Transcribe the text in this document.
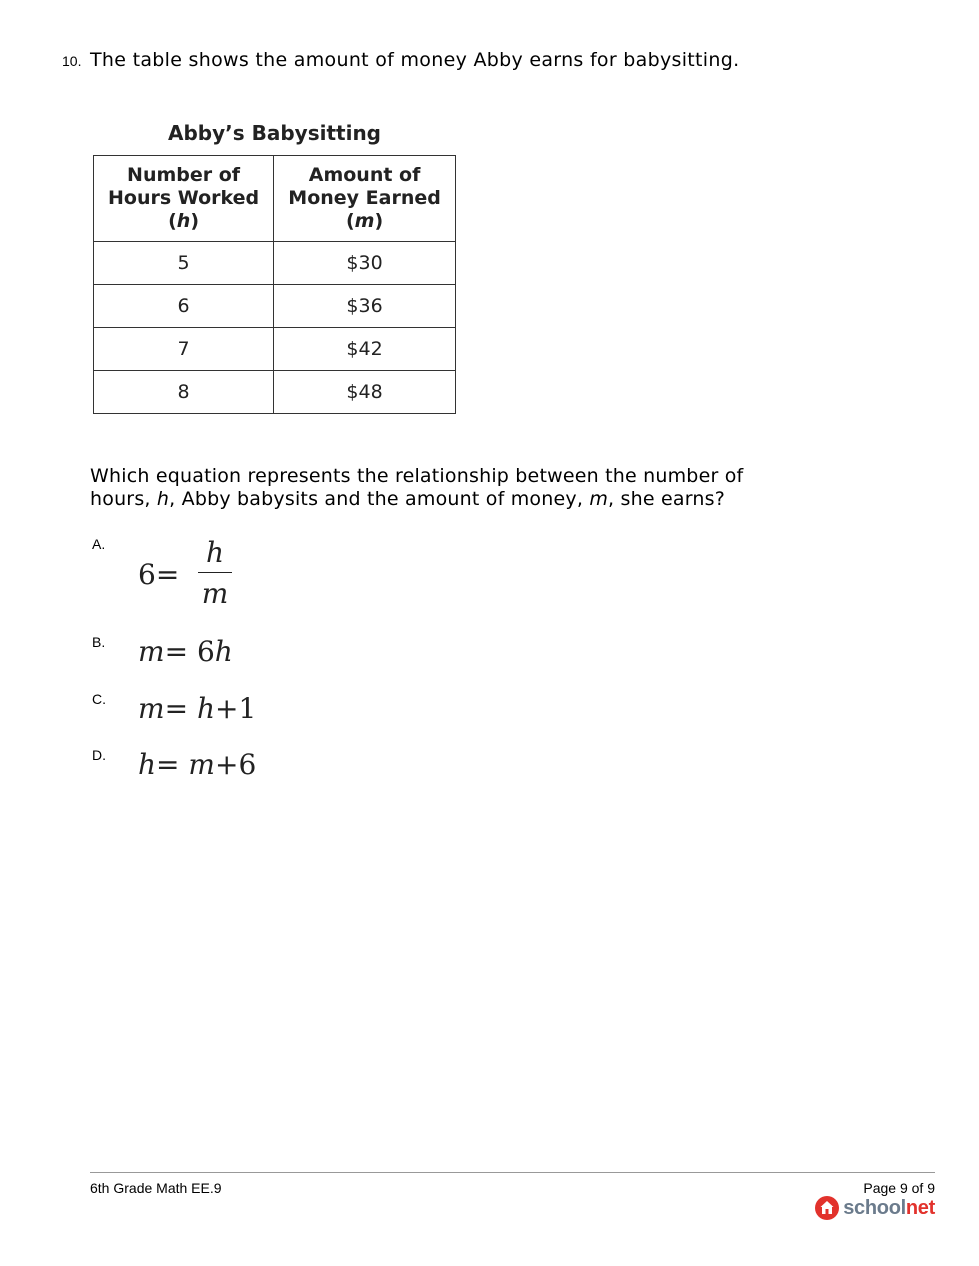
10. The table shows the amount of money Abby earns for babysitting.
Abby’s Babysitting
Number of
Hours Worked
(h)	Amount of
Money Earned
(m)
5	$30
6	$36
7	$42
8	$48
Which equation represents the relationship between the number of hours, h, Abby babysits and the amount of money, m, she earns?
A.
6=
h
m
B. m= 6h
C. m= h+1
D. h= m+6
6th Grade Math EE.9	Page 9 of 9
schoolnet
